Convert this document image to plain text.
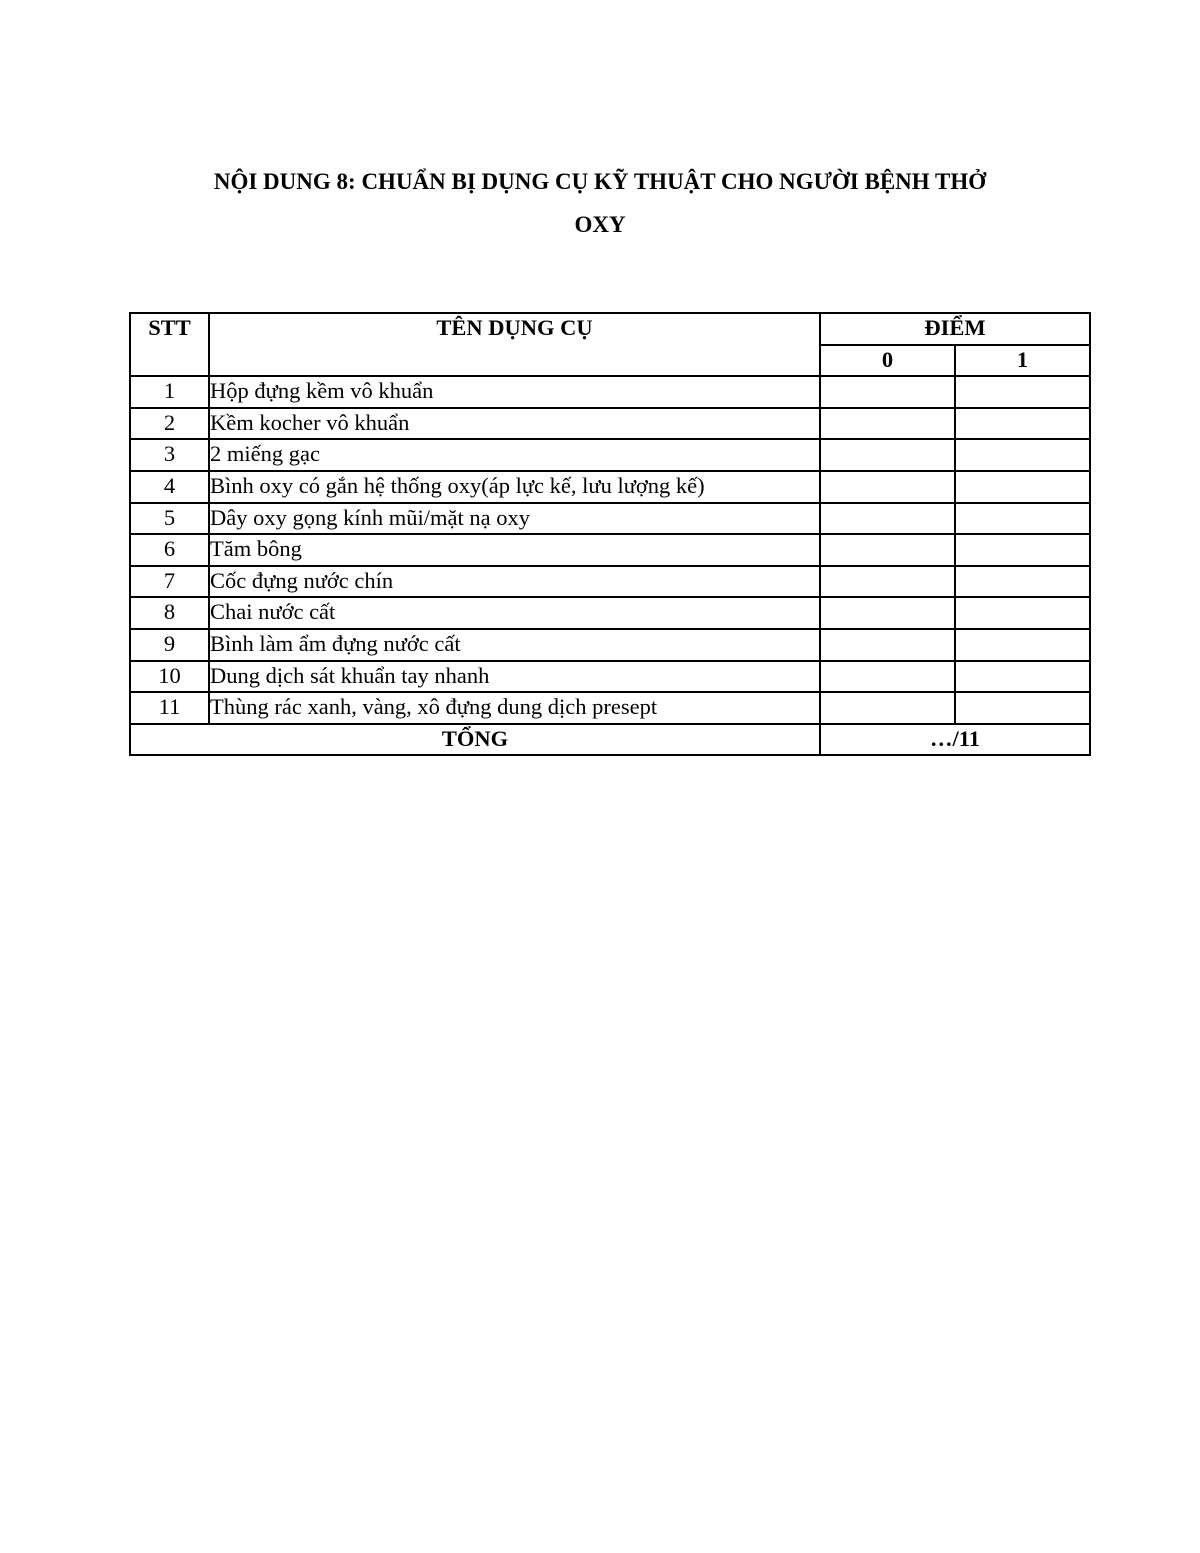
NỘI DUNG 8: CHUẨN BỊ DỤNG CỤ KỸ THUẬT CHO NGƯỜI BỆNH THỞ
OXY
STT	TÊN DỤNG CỤ	ĐIỂM	
		0	1
1	Hộp đựng kềm vô khuẩn		
2	Kềm kocher vô khuẩn		
3	2 miếng gạc		
4	Bình oxy có gắn hệ thống oxy(áp lực kế, lưu lượng kế)		
5	Dây oxy gọng kính mũi/mặt nạ oxy		
6	Tăm bông		
7	Cốc đựng nước chín		
8	Chai nước cất		
9	Bình làm ẩm đựng nước cất		
10	Dung dịch sát khuẩn tay nhanh		
11	Thùng rác xanh, vàng, xô đựng dung dịch presept		
TỔNG		…/11	
